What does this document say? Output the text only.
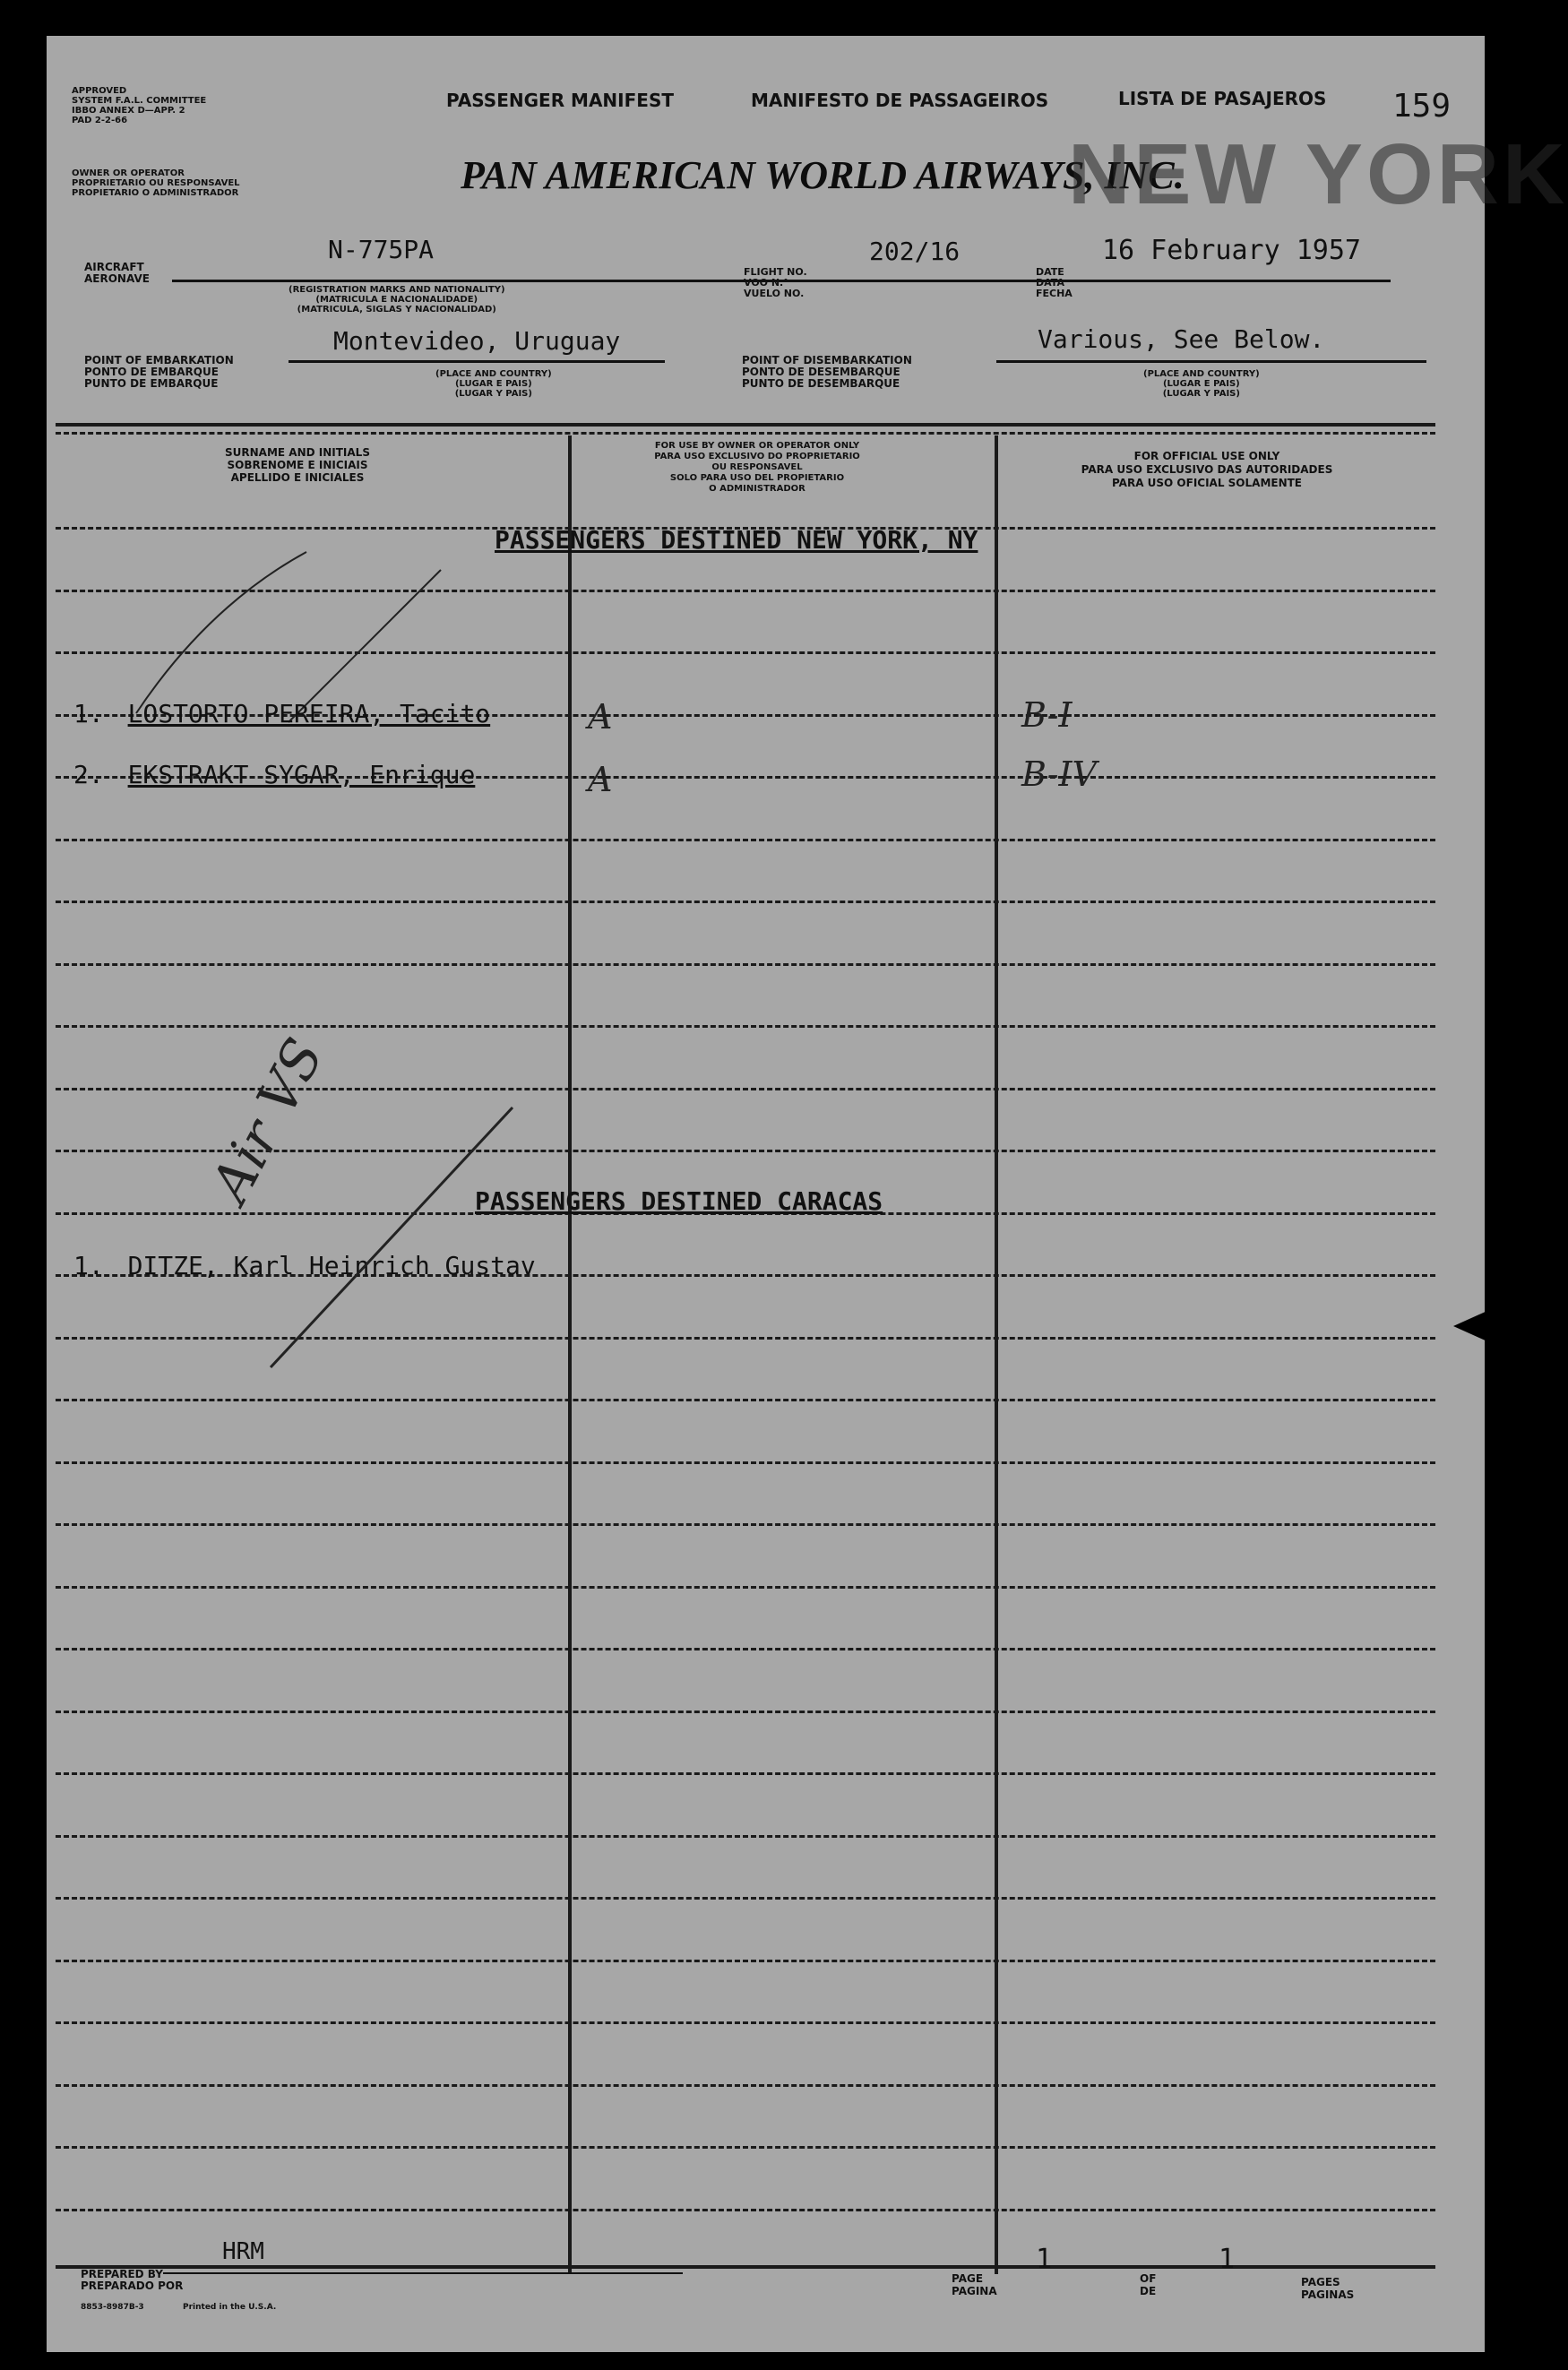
APPROVED
SYSTEM F.A.L. COMMITTEE
IBBO ANNEX D—APP. 2
PAD 2-2-66
OWNER OR OPERATOR
PROPRIETARIO OU RESPONSAVEL
PROPIETARIO O ADMINISTRADOR
PASSENGER MANIFEST	MANIFESTO DE PASSAGEIROS	LISTA DE PASAJEROS 159
PAN AMERICAN WORLD AIRWAYS, INC.
NEW YORK
AIRCRAFT
AERONAVE
N-775PA
(REGISTRATION MARKS AND NATIONALITY)
(MATRICULA E NACIONALIDADE)
(MATRICULA, SIGLAS Y NACIONALIDAD)
202/16
FLIGHT NO.
VOO N.°
VUELO NO.
16 February 1957
DATE
DATA
FECHA
Montevideo, Uruguay	Various, See Below.
POINT OF EMBARKATION
PONTO DE EMBARQUE
PUNTO DE EMBARQUE
(PLACE AND COUNTRY)
(LUGAR E PAIS)
(LUGAR Y PAIS)
POINT OF DISEMBARKATION
PONTO DE DESEMBARQUE
PUNTO DE DESEMBARQUE
(PLACE AND COUNTRY)
(LUGAR E PAIS)
(LUGAR Y PAIS)
SURNAME AND INITIALS
SOBRENOME E INICIAIS
APELLIDO E INICIALES
FOR USE BY OWNER OR OPERATOR ONLY
PARA USO EXCLUSIVO DO PROPRIETARIO
OU RESPONSAVEL
SOLO PARA USO DEL PROPIETARIO
O ADMINISTRADOR
FOR OFFICIAL USE ONLY
PARA USO EXCLUSIVO DAS AUTORIDADES
PARA USO OFICIAL SOLAMENTE
PASSENGERS DESTINED NEW YORK, NY
1. LOSTORTO PEREIRA, Tacito	A	B-I
2. EKSTRAKT SYGAR, Enrique	A	B-IV
PASSENGERS DESTINED CARACAS
1. DITZE, Karl Heinrich Gustav
Air VS
HRM
PREPARED BY
PREPARADO POR
8853-8987B-3	Printed in the U.S.A.
PAGE
PAGINA
1
OF
DE
1
PAGES
PAGINAS
